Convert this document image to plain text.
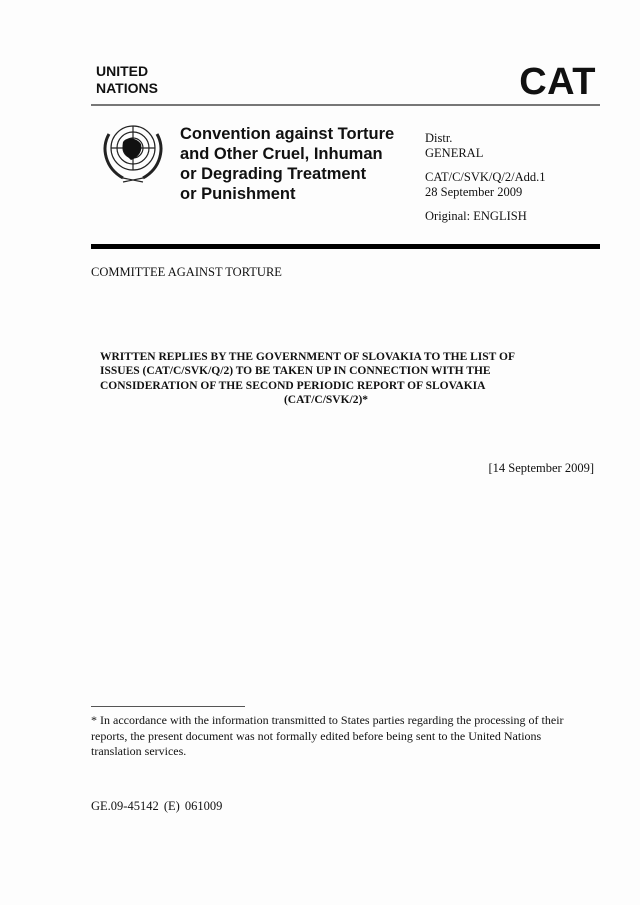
UNITED
NATIONS	CAT
Convention against Torture
and Other Cruel, Inhuman
or Degrading Treatment
or Punishment
Distr.
GENERAL
CAT/C/SVK/Q/2/Add.1
28 September 2009
Original: ENGLISH
COMMITTEE AGAINST TORTURE
WRITTEN REPLIES BY THE GOVERNMENT OF SLOVAKIA TO THE LIST OF
ISSUES (CAT/C/SVK/Q/2) TO BE TAKEN UP IN CONNECTION WITH THE
CONSIDERATION OF THE SECOND PERIODIC REPORT OF SLOVAKIA
(CAT/C/SVK/2)*
[14 September 2009]
* In accordance with the information transmitted to States parties regarding the processing of their reports, the present document was not formally edited before being sent to the United Nations translation services.
GE.09-45142 (E) 061009
